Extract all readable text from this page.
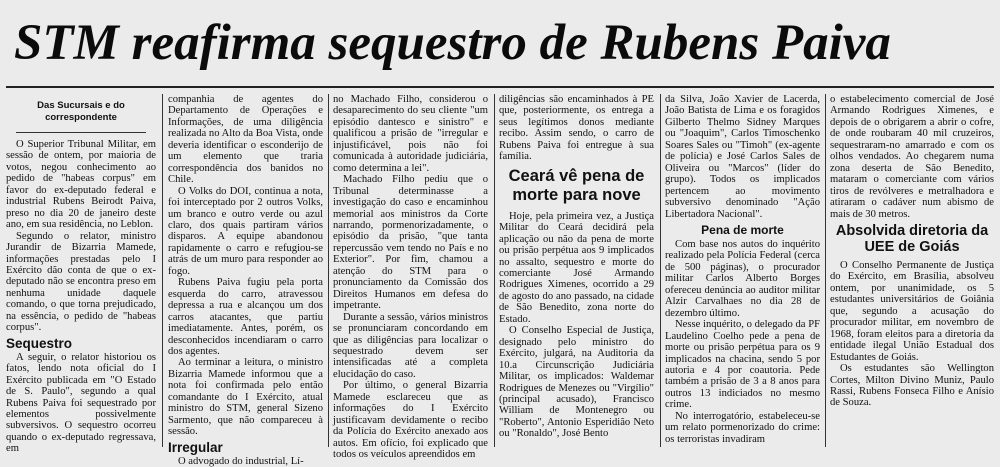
STM reafirma sequestro de Rubens Paiva
Das Sucursais e do correspondente

O Superior Tribunal Militar, em sessão de ontem, por maioria de votos, negou conhecimento ao pedido de "habeas corpus" em favor do ex-deputado federal e industrial Rubens Beirodt Paiva, preso no dia 20 de janeiro deste ano, em sua residência, no Leblon.

Segundo o relator, ministro Jurandir de Bizarria Mamede, informações prestadas pelo I Exército dão conta de que o ex-deputado não se encontra preso em nenhuma unidade daquele comando, o que torna prejudicado, na essência, o pedido de "habeas corpus".

Sequestro

A seguir, o relator historiou os fatos, lendo nota oficial do I Exército publicada em "O Estado de S. Paulo", segundo a qual Rubens Paiva foi sequestrado por elementos possivelmente subversivos. O sequestro ocorreu quando o ex-deputado regressava, em

companhia de agentes do Departamento de Operações e Informações, de uma diligência realizada no Alto da Boa Vista, onde deveria identificar o esconderijo de um elemento que traria correspondência dos banidos no Chile.

O Volks do DOI, continua a nota, foi interceptado por 2 outros Volks, um branco e outro verde ou azul claro, dos quais partiram vários disparos. A equipe abandonou rapidamente o carro e refugiou-se atrás de um muro para responder ao fogo.

Rubens Paiva fugiu pela porta esquerda do carro, atravessou depressa a rua e alcançou um dos carros atacantes, que partiu imediatamente. Antes, porém, os desconhecidos incendiaram o carro dos agentes.

Ao terminar a leitura, o ministro Bizarria Mamede informou que a nota foi confirmada pelo então comandante do I Exército, atual ministro do STM, general Sizeno Sarmento, que não compareceu à sessão.

Irregular

O advogado do industrial, Lí-

no Machado Filho, considerou o desaparecimento do seu cliente "um episódio dantesco e sinistro" e qualificou a prisão de "irregular e injustificável, pois não foi comunicada à autoridade judiciária, como determina a lei".

Machado Filho pediu que o Tribunal determinasse a investigação do caso e encaminhou memorial aos ministros da Corte narrando, pormenorizadamente, o episódio da prisão, "que tanta repercussão vem tendo no País e no Exterior". Por fim, chamou a atenção do STM para o pronunciamento da Comissão dos Direitos Humanos em defesa do impetrante.

Durante a sessão, vários ministros se pronunciaram concordando em que as diligências para localizar o sequestrado devem ser intensificadas até a completa elucidação do caso.

Por último, o general Bizarria Mamede esclareceu que as informações do I Exército justificavam devidamente o recibo da Polícia do Exército anexado aos autos. Em ofício, foi explicado que todos os veículos apreendidos em

diligências são encaminhados à PE que, posteriormente, os entrega a seus legítimos donos mediante recibo. Assim sendo, o carro de Rubens Paiva foi entregue à sua família.

Ceará vê pena de morte para nove

Hoje, pela primeira vez, a Justiça Militar do Ceará decidirá pela aplicação ou não da pena de morte ou prisão perpétua aos 9 implicados no assalto, sequestro e morte do comerciante José Armando Rodrigues Ximenes, ocorrido a 29 de agosto do ano passado, na cidade de São Benedito, zona norte do Estado.

O Conselho Especial de Justiça, designado pelo ministro do Exército, julgará, na Auditoria da 10.a Circunscrição Judiciária Militar, os implicados: Waldemar Rodrigues de Menezes ou "Virgílio" (principal acusado), Francisco William de Montenegro ou "Roberto", Antonio Esperidião Neto ou "Ronaldo", José Bento

da Silva, João Xavier de Lacerda, João Batista de Lima e os foragidos Gilberto Thelmo Sidney Marques ou "Joaquim", Carlos Timoschenko Soares Sales ou "Timoh" (ex-agente de polícia) e José Carlos Sales de Oliveira ou "Marcos" (líder do grupo). Todos os implicados pertencem ao movimento subversivo denominado "Ação Libertadora Nacional".

Pena de morte

Com base nos autos do inquérito realizado pela Polícia Federal (cerca de 500 páginas), o procurador militar Carlos Alberto Borges ofereceu denúncia ao auditor militar Alzir Carvalhaes no dia 28 de dezembro último.

Nesse inquérito, o delegado da PF Laudelino Coelho pede a pena de morte ou prisão perpétua para os 9 implicados na chacina, sendo 5 por autoria e 4 por coautoria. Pede também a prisão de 3 a 8 anos para outros 13 indiciados no mesmo crime.

No interrogatório, estabeleceu-se um relato pormenorizado do crime: os terroristas invadiram

o estabelecimento comercial de José Armando Rodrigues Ximenes, e depois de o obrigarem a abrir o cofre, de onde roubaram 40 mil cruzeiros, sequestraram-no amarrado e com os olhos vendados. Ao chegarem numa zona deserta de São Benedito, mataram o comerciante com vários tiros de revólveres e metralhadora e atiraram o cadáver num abismo de mais de 30 metros.

Absolvida diretoria da UEE de Goiás

O Conselho Permanente de Justiça do Exército, em Brasília, absolveu ontem, por unanimidade, os 5 estudantes universitários de Goiânia que, segundo a acusação do procurador militar, em novembro de 1968, foram eleitos para a diretoria da entidade ilegal União Estadual dos Estudantes de Goiás.

Os estudantes são Wellington Cortes, Milton Divino Muniz, Paulo Rassi, Rubens Fonseca Filho e Anísio de Souza.
